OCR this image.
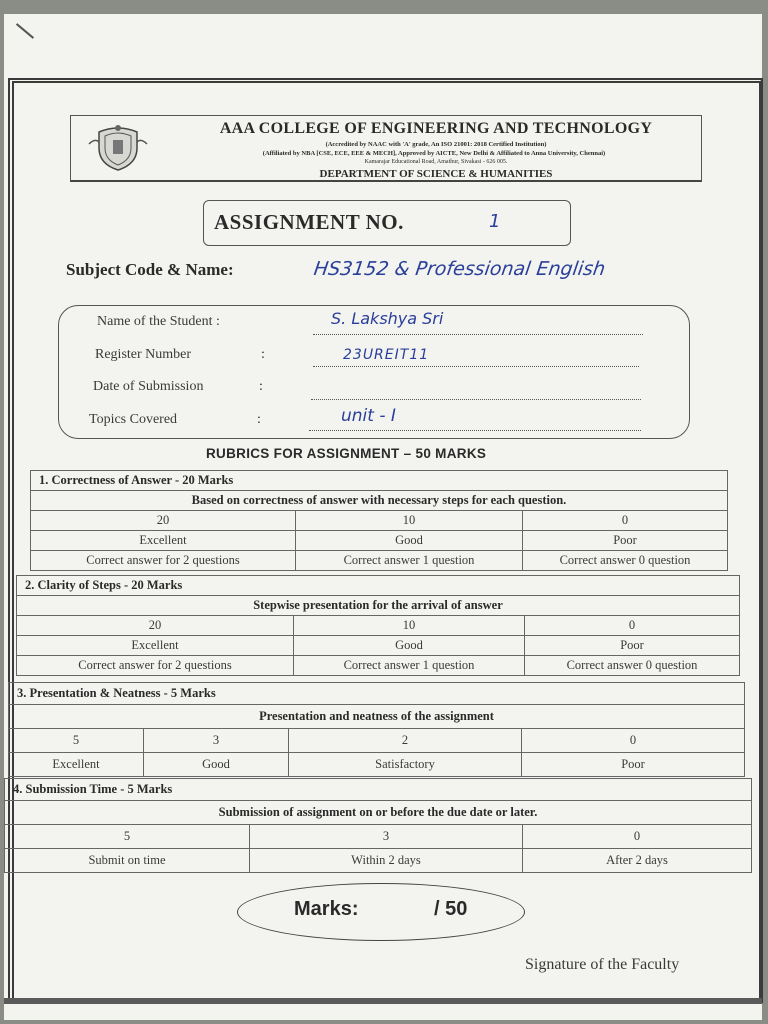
AAA COLLEGE OF ENGINEERING AND TECHNOLOGY
(Accredited by NAAC with 'A' grade, An ISO 21001: 2018 Certified Institution)
(Affiliated by NBA [CSE, ECE, EEE & MECH], Approved by AICTE, New Delhi & Affiliated to Anna University, Chennai)
Kamarajar Educational Road, Amathur, Sivakasi - 626 005.
DEPARTMENT OF SCIENCE & HUMANITIES
ASSIGNMENT NO.	1
Subject Code & Name:	HS3152 & Professional English
Name of the Student :	S. Lakshya Sri
Register Number	:	23UREIT11
Date of Submission	:
Topics Covered	:	unit - I
RUBRICS FOR ASSIGNMENT – 50 MARKS
1. Correctness of Answer - 20 Marks		
Based on correctness of answer with necessary steps for each question.		
20	10	0
Excellent	Good	Poor
Correct answer for 2 questions	Correct answer 1 question	Correct answer 0 question
2. Clarity of Steps - 20 Marks		
Stepwise presentation for the arrival of answer		
20	10	0
Excellent	Good	Poor
Correct answer for 2 questions	Correct answer 1 question	Correct answer 0 question
3. Presentation & Neatness - 5 Marks			
Presentation and neatness of the assignment			
5	3	2	0
Excellent	Good	Satisfactory	Poor
4. Submission Time - 5 Marks		
Submission of assignment on or before the due date or later.		
5	3	0
Submit on time	Within 2 days	After 2 days
Marks:	/ 50
Signature of the Faculty
